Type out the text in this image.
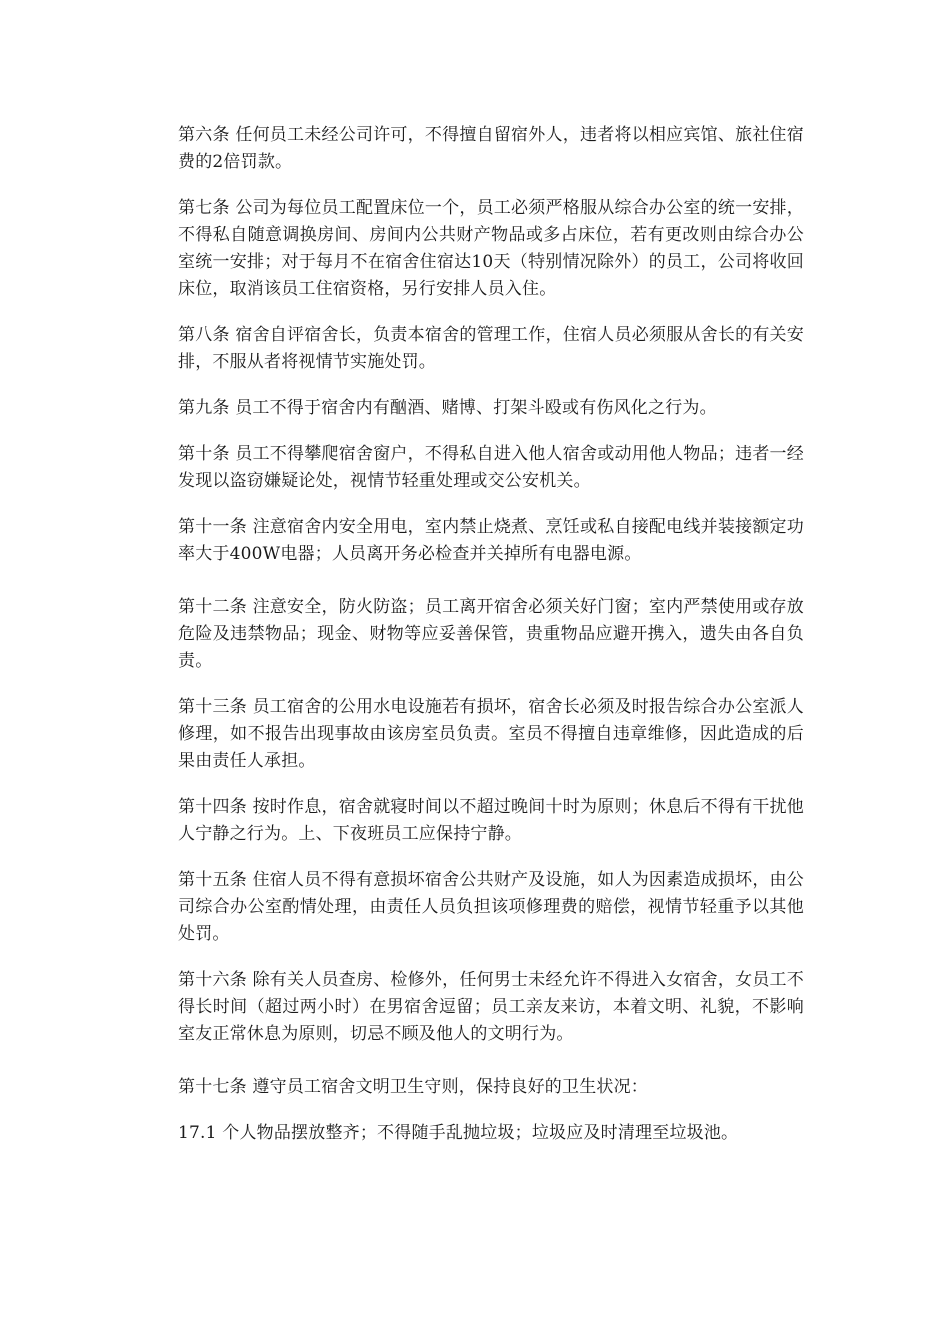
第六条 任何员工未经公司许可，不得擅自留宿外人，违者将以相应宾馆、旅社住宿费的2倍罚款。

第七条 公司为每位员工配置床位一个，员工必须严格服从综合办公室的统一安排，不得私自随意调换房间、房间内公共财产物品或多占床位，若有更改则由综合办公室统一安排；对于每月不在宿舍住宿达10天（特别情况除外）的员工，公司将收回床位，取消该员工住宿资格，另行安排人员入住。

第八条 宿舍自评宿舍长，负责本宿舍的管理工作，住宿人员必须服从舍长的有关安排，不服从者将视情节实施处罚。

第九条 员工不得于宿舍内有酗酒、赌博、打架斗殴或有伤风化之行为。

第十条 员工不得攀爬宿舍窗户，不得私自进入他人宿舍或动用他人物品；违者一经发现以盗窃嫌疑论处，视情节轻重处理或交公安机关。

第十一条 注意宿舍内安全用电，室内禁止烧煮、烹饪或私自接配电线并装接额定功率大于400W电器；人员离开务必检查并关掉所有电器电源。

第十二条 注意安全，防火防盗；员工离开宿舍必须关好门窗；室内严禁使用或存放危险及违禁物品；现金、财物等应妥善保管，贵重物品应避开携入，遗失由各自负责。

第十三条 员工宿舍的公用水电设施若有损坏，宿舍长必须及时报告综合办公室派人修理，如不报告出现事故由该房室员负责。室员不得擅自违章维修，因此造成的后果由责任人承担。

第十四条 按时作息，宿舍就寝时间以不超过晚间十时为原则；休息后不得有干扰他人宁静之行为。上、下夜班员工应保持宁静。

第十五条 住宿人员不得有意损坏宿舍公共财产及设施，如人为因素造成损坏，由公司综合办公室酌情处理，由责任人员负担该项修理费的赔偿，视情节轻重予以其他处罚。

第十六条 除有关人员查房、检修外，任何男士未经允许不得进入女宿舍，女员工不得长时间（超过两小时）在男宿舍逗留；员工亲友来访，本着文明、礼貌，不影响室友正常休息为原则，切忌不顾及他人的文明行为。

第十七条 遵守员工宿舍文明卫生守则，保持良好的卫生状况：

17.1 个人物品摆放整齐；不得随手乱抛垃圾；垃圾应及时清理至垃圾池。
